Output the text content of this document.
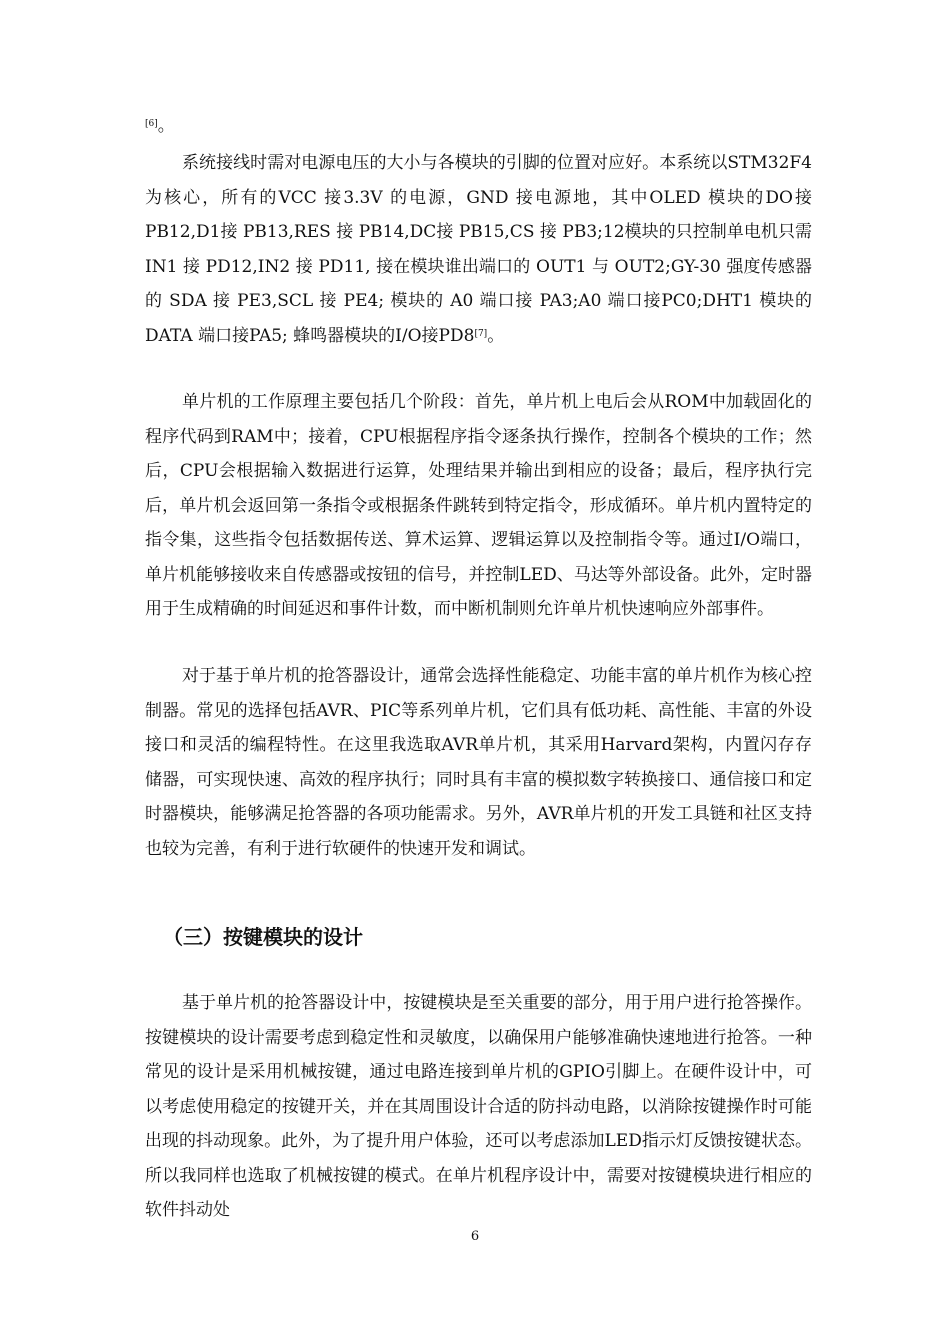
[6]。

系统接线时需对电源电压的大小与各模块的引脚的位置对应好。本系统以STM32F4 为核心，所有的VCC 接3.3V 的电源，GND 接电源地，其中OLED 模块的DO接 PB12,D1接 PB13,RES 接 PB14,DC接 PB15,CS 接 PB3;12模块的只控制单电机只需IN1 接 PD12,IN2 接 PD11, 接在模块谁出端口的 OUT1 与 OUT2;GY-30 强度传感器的 SDA 接 PE3,SCL 接 PE4; 模块的 A0 端口接 PA3;A0 端口接PC0;DHT1 模块的DATA 端口接PA5; 蜂鸣器模块的I/O接PD8[7]。

单片机的工作原理主要包括几个阶段：首先，单片机上电后会从ROM中加载固化的程序代码到RAM中；接着，CPU根据程序指令逐条执行操作，控制各个模块的工作；然后，CPU会根据输入数据进行运算，处理结果并输出到相应的设备；最后，程序执行完后，单片机会返回第一条指令或根据条件跳转到特定指令，形成循环。单片机内置特定的指令集，这些指令包括数据传送、算术运算、逻辑运算以及控制指令等。通过I/O端口，单片机能够接收来自传感器或按钮的信号，并控制LED、马达等外部设备。此外，定时器用于生成精确的时间延迟和事件计数，而中断机制则允许单片机快速响应外部事件。

对于基于单片机的抢答器设计，通常会选择性能稳定、功能丰富的单片机作为核心控制器。常见的选择包括AVR、PIC等系列单片机，它们具有低功耗、高性能、丰富的外设接口和灵活的编程特性。在这里我选取AVR单片机，其采用Harvard架构，内置闪存存储器，可实现快速、高效的程序执行；同时具有丰富的模拟数字转换接口、通信接口和定时器模块，能够满足抢答器的各项功能需求。另外，AVR单片机的开发工具链和社区支持也较为完善，有利于进行软硬件的快速开发和调试。

（三）按键模块的设计

基于单片机的抢答器设计中，按键模块是至关重要的部分，用于用户进行抢答操作。按键模块的设计需要考虑到稳定性和灵敏度，以确保用户能够准确快速地进行抢答。一种常见的设计是采用机械按键，通过电路连接到单片机的GPIO引脚上。在硬件设计中，可以考虑使用稳定的按键开关，并在其周围设计合适的防抖动电路，以消除按键操作时可能出现的抖动现象。此外，为了提升用户体验，还可以考虑添加LED指示灯反馈按键状态。所以我同样也选取了机械按键的模式。在单片机程序设计中，需要对按键模块进行相应的软件抖动处

6
